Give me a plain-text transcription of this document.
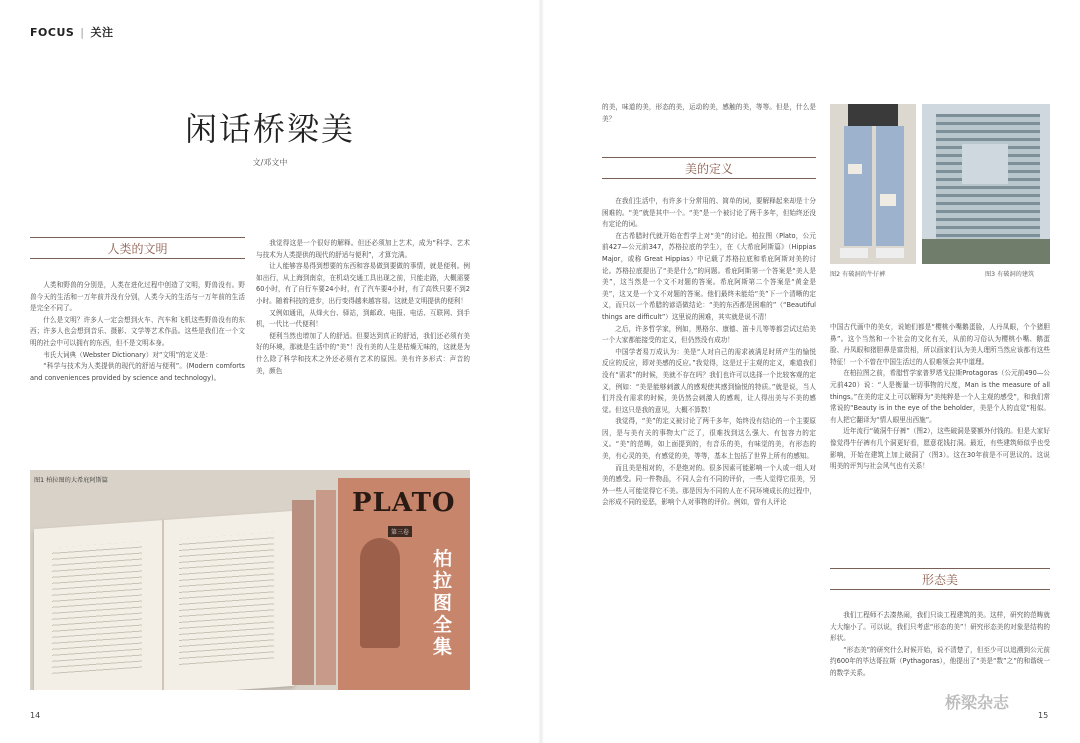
FOCUS | 关注
闲话桥梁美
文/邓文中
人类的文明

人类和野兽的分别是，人类在进化过程中创造了文明，野兽没有。野兽今天的生活和一万年前并没有分别，人类今天的生活与一万年前的生活是完全不同了。

什么是文明？许多人一定会想到火车、汽车和飞机这些野兽没有的东西；许多人也会想到音乐、摄影、文学等艺术作品。这些是我们在一个文明的社会中可以拥有的东西，但不是文明本身。

韦氏大词典（Webster Dictionary）对“文明”的定义是：

“科学与技术为人类提供的现代的舒适与便利”。(Modern comforts and conveniences provided by science and technology)。

我觉得这是一个很好的解释。但还必须加上艺术，成为“科学、艺术与技术为人类提供的现代的舒适与便利”，才算完满。

让人能够容易得到想要的东西和容易做到要做的事情，就是便利。例如出行，从上海到南京，在机动交通工具出现之前，只能走路，大概需要60小时，有了自行车要24小时，有了汽车要4小时，有了高铁只要不到2小时。随着科技的进步，出行变得越来越容易。这就是文明提供的便利！

又例如通讯，从烽火台、驿站，到邮政、电报、电话、互联网、到手机，一代比一代便利！

便利当然也增加了人的舒适。但要达到真正的舒适，我们还必须有美好的环境，那就是生活中的“美”！没有美的人生是枯燥无味的，这就是为什么除了科学和技术之外还必须有艺术的原因。美有许多形式：声音的美，颜色

图1 柏拉图的大希庇阿斯篇
PLATO
第三卷
柏拉图全集
14

的美，味道的美，形态的美，运动的美，感触的美，等等。但是，什么是美？

美的定义

在我们生活中，有许多十分常用的、简单的词，要解释起来却是十分困难的。“美”就是其中一个。“美”是一个被讨论了两千多年，但始终还没有定论的词。

在古希腊时代就开始在哲学上对“美”的讨论。柏拉图（Plato，公元前427—公元前347，苏格拉底的学生），在《大希庇阿斯篇》（Hippias Major，或称 Great Hippias）中记载了苏格拉底和希庇阿斯对美的讨论。苏格拉底提出了“美是什么”的问题。希庇阿斯第一个答案是“美人是美”，这当然是一个文不对题的答案。希庇阿斯第二个答案是“黄金是美”，这又是一个文不对题的答案。他们最终未能给“美”下一个清晰的定义，而只以一个希腊的谚语做结论：“美的东西都是困难的”（“Beautiful things are difficult”）这里说的困难，其实就是说不清！

之后，许多哲学家，例如，黑格尔、康德、笛卡儿等等都尝试过给美一个大家都能接受的定义，但仍然没有成功！

中国学者易万成认为：美是“人对自己的需求被满足时所产生的愉悦反应的反应，即对美感的反应。”我觉得，这是过于主观的定义，难道我们没有“需求”的时候，美就不存在吗？我们也许可以选择一个比较客观的定义，例如：“美是能够刺激人的感观使其感到愉悦的特质。”就是说，当人们并没有需求的时候，美仍然会刺激人的感观，让人得出美与不美的感觉。但这只是我的意见，大概不算数！

我觉得，“美”的定义被讨论了两千多年，始终没有结论的一个主要原因，是与美有关的事物太广泛了，很难找到这么强大、有包容力的定义。“美”的范畴，如上面提到的，有音乐的美，有味觉的美，有形态的美，有心灵的美，有感觉的美，等等，基本上包括了世界上所有的感知。

而且美是相对的，不是绝对的。很多因素可能影响一个人或一组人对美的感受。同一件物品，不同人会有不同的评价，一些人觉得它很美，另外一些人可能觉得它不美。那是因为不同的人在不同环境成长的过程中，会形成不同的爱恶，影响个人对事物的评价。例如，曾有人评论

图2 有破洞的牛仔裤	图3 有破洞的建筑

中国古代画中的美女，说她们都是“樱桃小嘴鹅蛋脸，人丹凤眼，个个猪胆鼻”。这个当然和一个社会的文化有关，从前的习俗认为樱桃小嘴、鹅蛋脸、丹凤眼和猪胆鼻是富贵相，所以画家们认为美人理所当然应该都有这些特征！一个不曾在中国生活过的人很难领会其中道理。

在柏拉图之前，希腊哲学家普罗塔戈拉斯Protagoras（公元前490—公元前420）说：“人是衡量一切事物的尺度，Man is the measure of all things。”在美的定义上可以解释为“美纯粹是一个人主观的感受”，和我们常常说的“Beauty is in the eye of the beholder，美是个人的直觉”相似。有人把它翻译为“情人眼里出西施”。

近年流行“破洞牛仔裤”（图2），这些破洞是要额外付钱的。但是大家好像觉得牛仔裤有几个洞更好看，愿意花钱打洞。最近，有些建筑师似乎也受影响，开始在建筑上加上破洞了（图3）。这在30年前是不可思议的。这说明美的评判与社会风气也有关系！

形态美

我们工程师不去凑热闹，我们只谈工程建筑的美。这样，研究的范畴就大大缩小了。可以说，我们只考虑“形态的美”！研究形态美的对象是结构的形状。

“形态美”的研究什么时候开始，说不清楚了，但至少可以追溯到公元前约600年的毕达哥拉斯（Pythagoras），他提出了“美是“数”之”的和谐统一的数学关系。

桥梁杂志
15
